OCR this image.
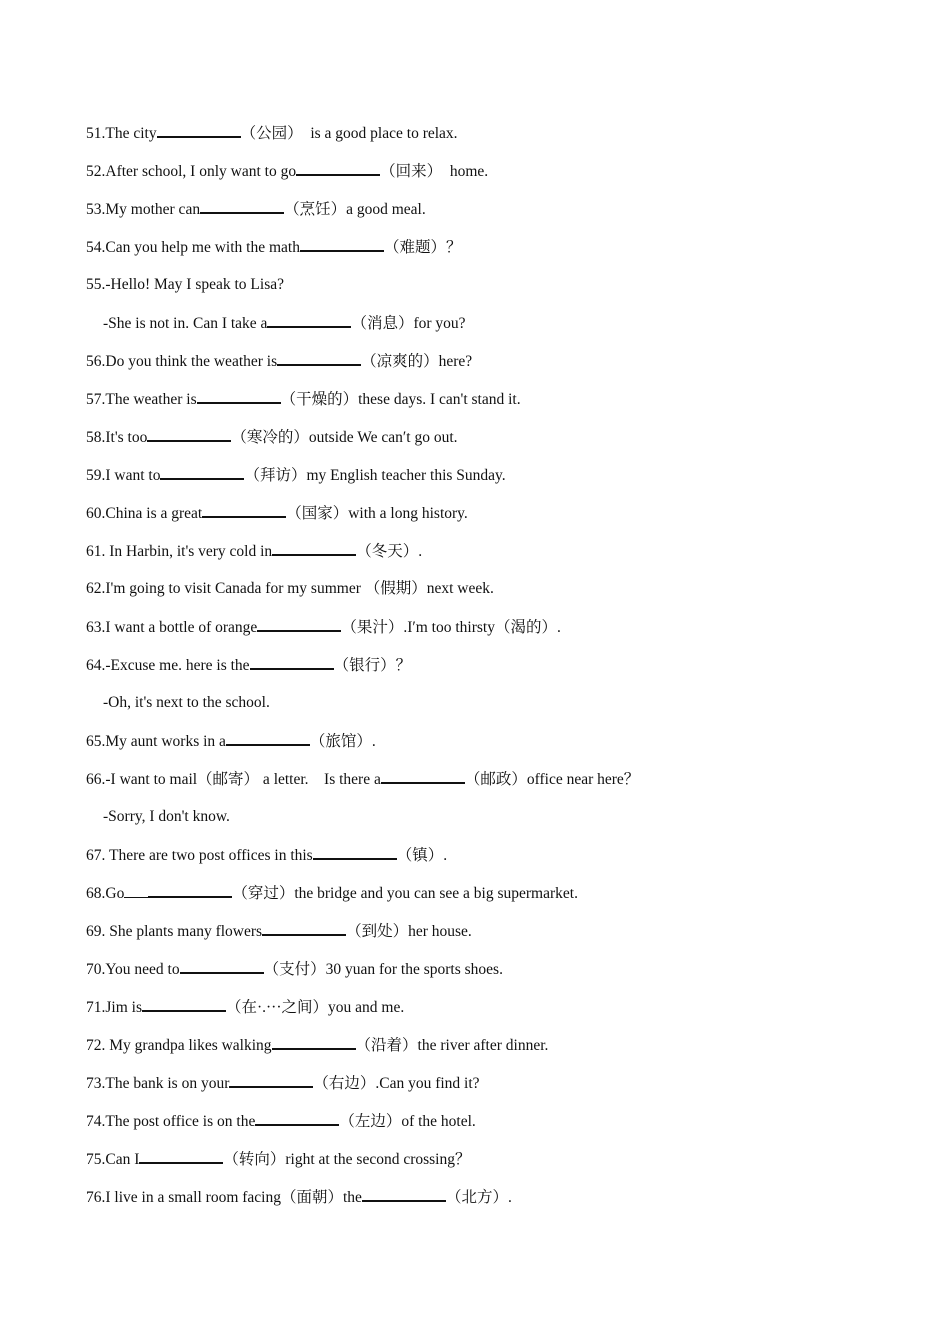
51.The city	（公园）　is a good place to relax.
52.After school, I only want to go	（回来）　home.
53.My mother can	（烹饪）a good meal.
54.Can you help me with the math	（难题）？
55.-Hello! May I speak to Lisa?
-She is not in. Can I take a	（消息）for you?
56.Do you think the weather is	（凉爽的）here?
57.The weather is	（干燥的）these days. I can't stand it.
58.It's too	（寒冷的）outside We can′t go out.
59.I want to	（拜访）my English teacher this Sunday.
60.China is a great	（国家）with a long history.
61. In Harbin, it's very cold in	（冬天）.
62.I'm going to visit Canada for my summer （假期）next week.
63.I want a bottle of orange	（果汁）.I′m too thirsty（渴的）.
64.-Excuse me. here is the	（银行）？
-Oh, it's next to the school.
65.My aunt works in a	（旅馆）.
66.-I want to mail（邮寄） a letter.　Is there a	（邮政）office near here？
-Sorry, I don't know.
67. There are two post offices in this	（镇）.
68.Go	（穿过）the bridge and you can see a big supermarket.
69. She plants many flowers	（到处）her house.
70.You need to	（支付）30 yuan for the sports shoes.
71.Jim is	（在·.···之间）you and me.
72. My grandpa likes walking	（沿着）the river after dinner.
73.The bank is on your	（右边）.Can you find it?
74.The post office is on the	（左边）of the hotel.
75.Can I	（转向）right at the second crossing？
76.I live in a small room facing（面朝）the	（北方）.
